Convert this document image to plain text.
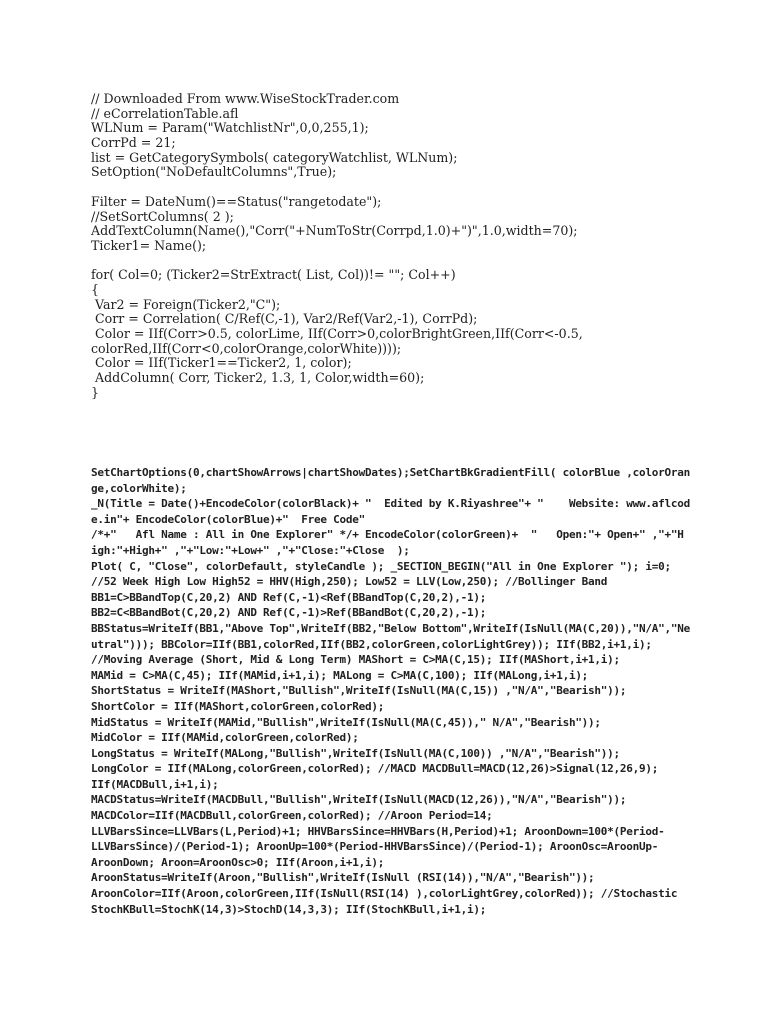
// Downloaded From www.WiseStockTrader.com
// eCorrelationTable.afl
WLNum = Param("WatchlistNr",0,0,255,1);
CorrPd = 21;
list = GetCategorySymbols( categoryWatchlist, WLNum);
SetOption("NoDefaultColumns",True);
Filter = DateNum()==Status("rangetodate");
//SetSortColumns( 2 );
AddTextColumn(Name(),"Corr("+NumToStr(Corrpd,1.0)+")",1.0,width=70);
Ticker1= Name();
for( Col=0; (Ticker2=StrExtract( List, Col))!= ""; Col++)
{
Var2 = Foreign(Ticker2,"C");
Corr = Correlation( C/Ref(C,-1), Var2/Ref(Var2,-1), CorrPd);
Color = IIf(Corr>0.5, colorLime, IIf(Corr>0,colorBrightGreen,IIf(Corr<-0.5,
colorRed,IIf(Corr<0,colorOrange,colorWhite))));
Color = IIf(Ticker1==Ticker2, 1, color);
AddColumn( Corr, Ticker2, 1.3, 1, Color,width=60);
}
SetChartOptions(0,chartShowArrows|chartShowDates);SetChartBkGradientFill( colorBlue ,colorOran
ge,colorWhite);
_N(Title = Date()+EncodeColor(colorBlack)+ "  Edited by K.Riyashree"+ "    Website: www.aflcod
e.in"+ EncodeColor(colorBlue)+"  Free Code"
/*+"   Afl Name : All in One Explorer" */+ EncodeColor(colorGreen)+  "   Open:"+ Open+" ,"+"H
igh:"+High+" ,"+"Low:"+Low+" ,"+"Close:"+Close  );
Plot( C, "Close", colorDefault, styleCandle ); _SECTION_BEGIN("All in One Explorer "); i=0;
//52 Week High Low High52 = HHV(High,250); Low52 = LLV(Low,250); //Bollinger Band
BB1=C>BBandTop(C,20,2) AND Ref(C,-1)<Ref(BBandTop(C,20,2),-1);
BB2=C<BBandBot(C,20,2) AND Ref(C,-1)>Ref(BBandBot(C,20,2),-1);
BBStatus=WriteIf(BB1,"Above Top",WriteIf(BB2,"Below Bottom",WriteIf(IsNull(MA(C,20)),"N/A","Ne
utral"))); BBColor=IIf(BB1,colorRed,IIf(BB2,colorGreen,colorLightGrey)); IIf(BB2,i+1,i);
//Moving Average (Short, Mid & Long Term) MAShort = C>MA(C,15); IIf(MAShort,i+1,i);
MAMid = C>MA(C,45); IIf(MAMid,i+1,i); MALong = C>MA(C,100); IIf(MALong,i+1,i);
ShortStatus = WriteIf(MAShort,"Bullish",WriteIf(IsNull(MA(C,15)) ,"N/A","Bearish"));
ShortColor = IIf(MAShort,colorGreen,colorRed);
MidStatus = WriteIf(MAMid,"Bullish",WriteIf(IsNull(MA(C,45))," N/A","Bearish"));
MidColor = IIf(MAMid,colorGreen,colorRed);
LongStatus = WriteIf(MALong,"Bullish",WriteIf(IsNull(MA(C,100)) ,"N/A","Bearish"));
LongColor = IIf(MALong,colorGreen,colorRed); //MACD MACDBull=MACD(12,26)>Signal(12,26,9);
IIf(MACDBull,i+1,i);
MACDStatus=WriteIf(MACDBull,"Bullish",WriteIf(IsNull(MACD(12,26)),"N/A","Bearish"));
MACDColor=IIf(MACDBull,colorGreen,colorRed); //Aroon Period=14;
LLVBarsSince=LLVBars(L,Period)+1; HHVBarsSince=HHVBars(H,Period)+1; AroonDown=100*(Period-
LLVBarsSince)/(Period-1); AroonUp=100*(Period-HHVBarsSince)/(Period-1); AroonOsc=AroonUp-
AroonDown; Aroon=AroonOsc>0; IIf(Aroon,i+1,i);
AroonStatus=WriteIf(Aroon,"Bullish",WriteIf(IsNull (RSI(14)),"N/A","Bearish"));
AroonColor=IIf(Aroon,colorGreen,IIf(IsNull(RSI(14) ),colorLightGrey,colorRed)); //Stochastic
StochKBull=StochK(14,3)>StochD(14,3,3); IIf(StochKBull,i+1,i);
